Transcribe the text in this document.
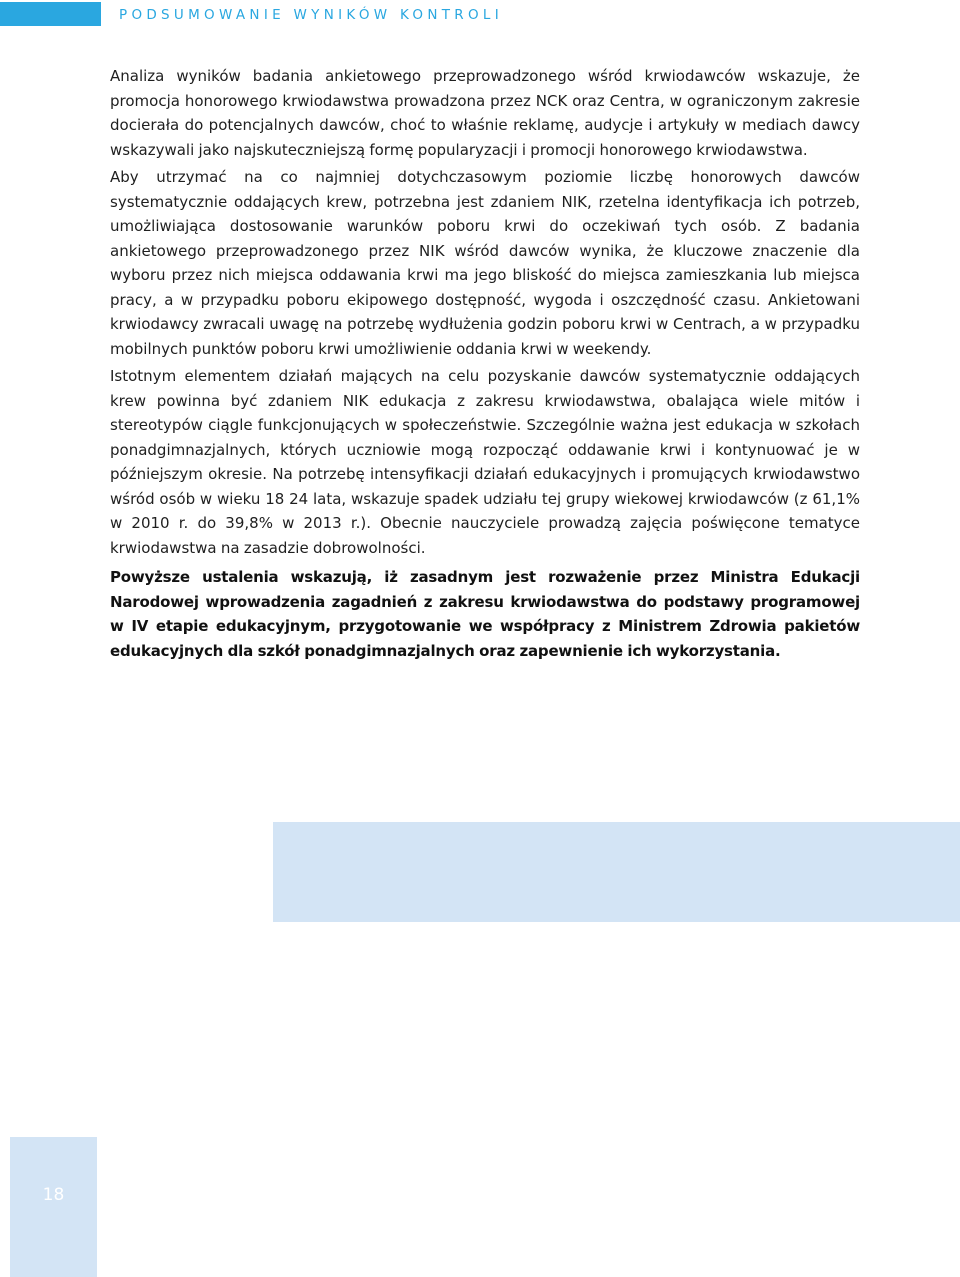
PODSUMOWANIE WYNIKÓW KONTROLI

Analiza wyników badania ankietowego przeprowadzonego wśród krwiodawców wskazuje, że promocja honorowego krwiodawstwa prowadzona przez NCK oraz Centra, w ograniczonym zakresie docierała do potencjalnych dawców, choć to właśnie reklamę, audycje i artykuły w mediach dawcy wskazywali jako najskuteczniejszą formę popularyzacji i promocji honorowego krwiodawstwa.

Aby utrzymać na co najmniej dotychczasowym poziomie liczbę honorowych dawców systematycznie oddających krew, potrzebna jest zdaniem NIK, rzetelna identyfikacja ich potrzeb, umożliwiająca dostosowanie warunków poboru krwi do oczekiwań tych osób. Z badania ankietowego przeprowadzonego przez NIK wśród dawców wynika, że kluczowe znaczenie dla wyboru przez nich miejsca oddawania krwi ma jego bliskość do miejsca zamieszkania lub miejsca pracy, a w przypadku poboru ekipowego dostępność, wygoda i oszczędność czasu. Ankietowani krwiodawcy zwracali uwagę na potrzebę wydłużenia godzin poboru krwi w Centrach, a w przypadku mobilnych punktów poboru krwi umożliwienie oddania krwi w weekendy.

Istotnym elementem działań mających na celu pozyskanie dawców systematycznie oddających krew powinna być zdaniem NIK edukacja z zakresu krwiodawstwa, obalająca wiele mitów i stereotypów ciągle funkcjonujących w społeczeństwie. Szczególnie ważna jest edukacja w szkołach ponadgimnazjalnych, których uczniowie mogą rozpocząć oddawanie krwi i kontynuować je w późniejszym okresie. Na potrzebę intensyfikacji działań edukacyjnych i promujących krwiodawstwo wśród osób w wieku 18 24 lata, wskazuje spadek udziału tej grupy wiekowej krwiodawców (z 61,1% w 2010 r. do 39,8% w 2013 r.). Obecnie nauczyciele prowadzą zajęcia poświęcone tematyce krwiodawstwa na zasadzie dobrowolności.

Powyższe ustalenia wskazują, iż zasadnym jest rozważenie przez Ministra Edukacji Narodowej wprowadzenia zagadnień z zakresu krwiodawstwa do podstawy programowej w IV etapie edukacyjnym, przygotowanie we współpracy z Ministrem Zdrowia pakietów edukacyjnych dla szkół ponadgimnazjalnych oraz zapewnienie ich wykorzystania.

18
